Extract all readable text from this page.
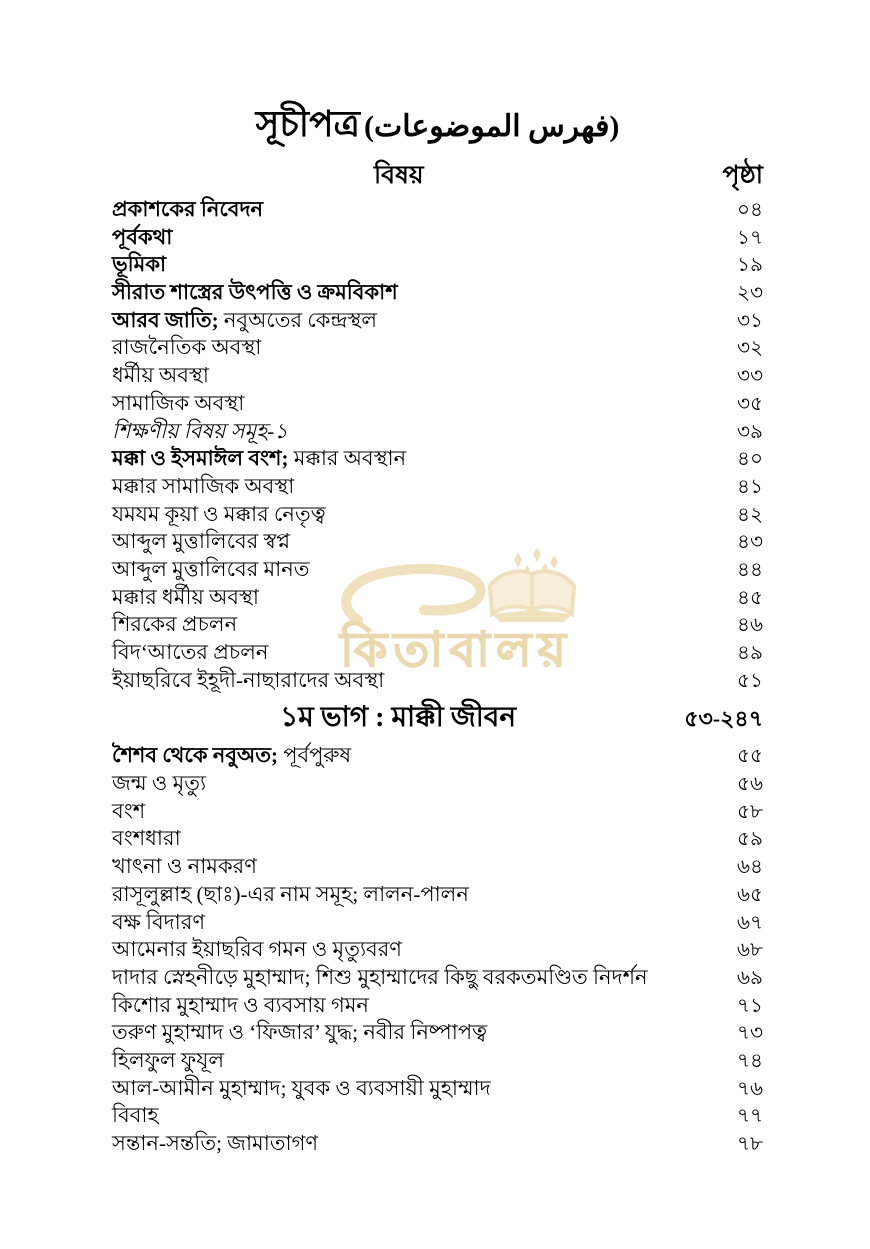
কিতাবালয়
সূচীপত্র (فهرس الموضوعات)
বিষয়	পৃষ্ঠা
প্রকাশকের নিবেদন	০৪
পূর্বকথা	১৭
ভূমিকা	১৯
সীরাত শাস্ত্রের উৎপত্তি ও ক্রমবিকাশ	২৩
আরব জাতি; নবুঅতের কেন্দ্রস্থল	৩১
রাজনৈতিক অবস্থা	৩২
ধর্মীয় অবস্থা	৩৩
সামাজিক অবস্থা	৩৫
শিক্ষণীয় বিষয় সমূহ-১	৩৯
মক্কা ও ইসমাঈল বংশ; মক্কার অবস্থান	৪০
মক্কার সামাজিক অবস্থা	৪১
যমযম কূয়া ও মক্কার নেতৃত্ব	৪২
আব্দুল মুত্তালিবের স্বপ্ন	৪৩
আব্দুল মুত্তালিবের মানত	৪৪
মক্কার ধর্মীয় অবস্থা	৪৫
শিরকের প্রচলন	৪৬
বিদ‘আতের প্রচলন	৪৯
ইয়াছরিবে ইহূদী-নাছারাদের অবস্থা	৫১
১ম ভাগ : মাক্কী জীবন	৫৩-২৪৭
শৈশব থেকে নবুঅত; পূর্বপুরুষ	৫৫
জন্ম ও মৃত্যু	৫৬
বংশ	৫৮
বংশধারা	৫৯
খাৎনা ও নামকরণ	৬৪
রাসূলুল্লাহ (ছাঃ)-এর নাম সমূহ; লালন-পালন	৬৫
বক্ষ বিদারণ	৬৭
আমেনার ইয়াছরিব গমন ও মৃত্যুবরণ	৬৮
দাদার স্নেহনীড়ে মুহাম্মাদ; শিশু মুহাম্মাদের কিছু বরকতমণ্ডিত নিদর্শন	৬৯
কিশোর মুহাম্মাদ ও ব্যবসায় গমন	৭১
তরুণ মুহাম্মাদ ও ‘ফিজার’ যুদ্ধ; নবীর নিষ্পাপত্ব	৭৩
হিলফুল ফুযূল	৭৪
আল-আমীন মুহাম্মাদ; যুবক ও ব্যবসায়ী মুহাম্মাদ	৭৬
বিবাহ	৭৭
সন্তান-সন্ততি; জামাতাগণ	৭৮
